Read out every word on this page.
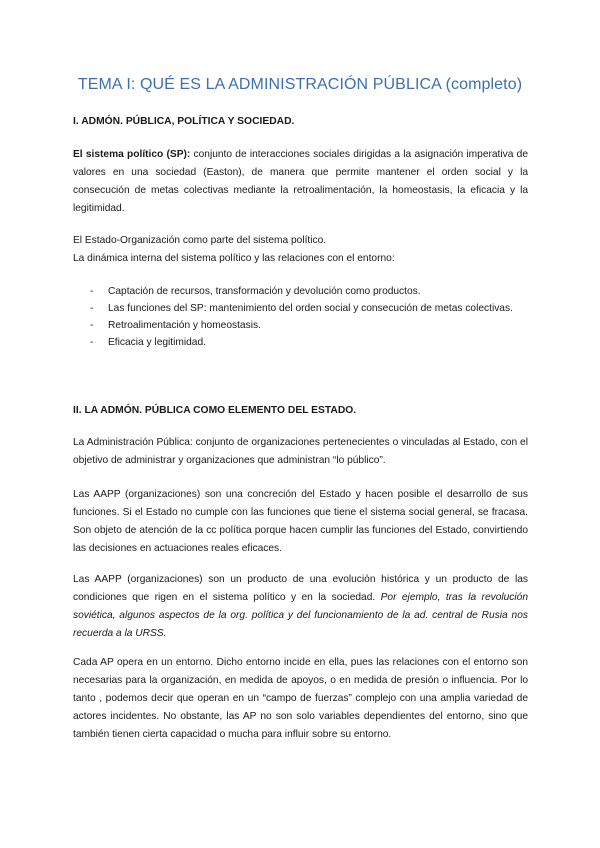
TEMA I: QUÉ ES LA ADMINISTRACIÓN PÚBLICA (completo)
I. ADMÓN. PÚBLICA, POLÍTICA Y SOCIEDAD.
El sistema político (SP): conjunto de interacciones sociales dirigidas a la asignación imperativa de valores en una sociedad (Easton), de manera que permite mantener el orden social y la consecución de metas colectivas mediante la retroalimentación, la homeostasis, la eficacia y la legitimidad.
El Estado-Organización como parte del sistema político.
La dinámica interna del sistema político y las relaciones con el entorno:
- Captación de recursos, transformación y devolución como productos.
- Las funciones del SP: mantenimiento del orden social y consecución de metas colectivas.
- Retroalimentación y homeostasis.
- Eficacia y legitimidad.
II. LA ADMÓN. PÚBLICA COMO ELEMENTO DEL ESTADO.
La Administración Pública: conjunto de organizaciones pertenecientes o vinculadas al Estado, con el objetivo de administrar y organizaciones que administran “lo público”.
Las AAPP (organizaciones) son una concreción del Estado y hacen posible el desarrollo de sus funciones. Si el Estado no cumple con las funciones que tiene el sistema social general, se fracasa. Son objeto de atención de la cc política porque hacen cumplir las funciones del Estado, convirtiendo las decisiones en actuaciones reales eficaces.
Las AAPP (organizaciones) son un producto de una evolución histórica y un producto de las condiciones que rigen en el sistema político y en la sociedad. Por ejemplo, tras la revolución soviética, algunos aspectos de la org. política y del funcionamiento de la ad. central de Rusia nos recuerda a la URSS.
Cada AP opera en un entorno. Dicho entorno incide en ella, pues las relaciones con el entorno son necesarias para la organización, en medida de apoyos, o en medida de presión o influencia. Por lo tanto , podemos decir que operan en un “campo de fuerzas” complejo con una amplia variedad de actores incidentes. No obstante, las AP no son solo variables dependientes del entorno, sino que también tienen cierta capacidad o mucha para influir sobre su entorno.
